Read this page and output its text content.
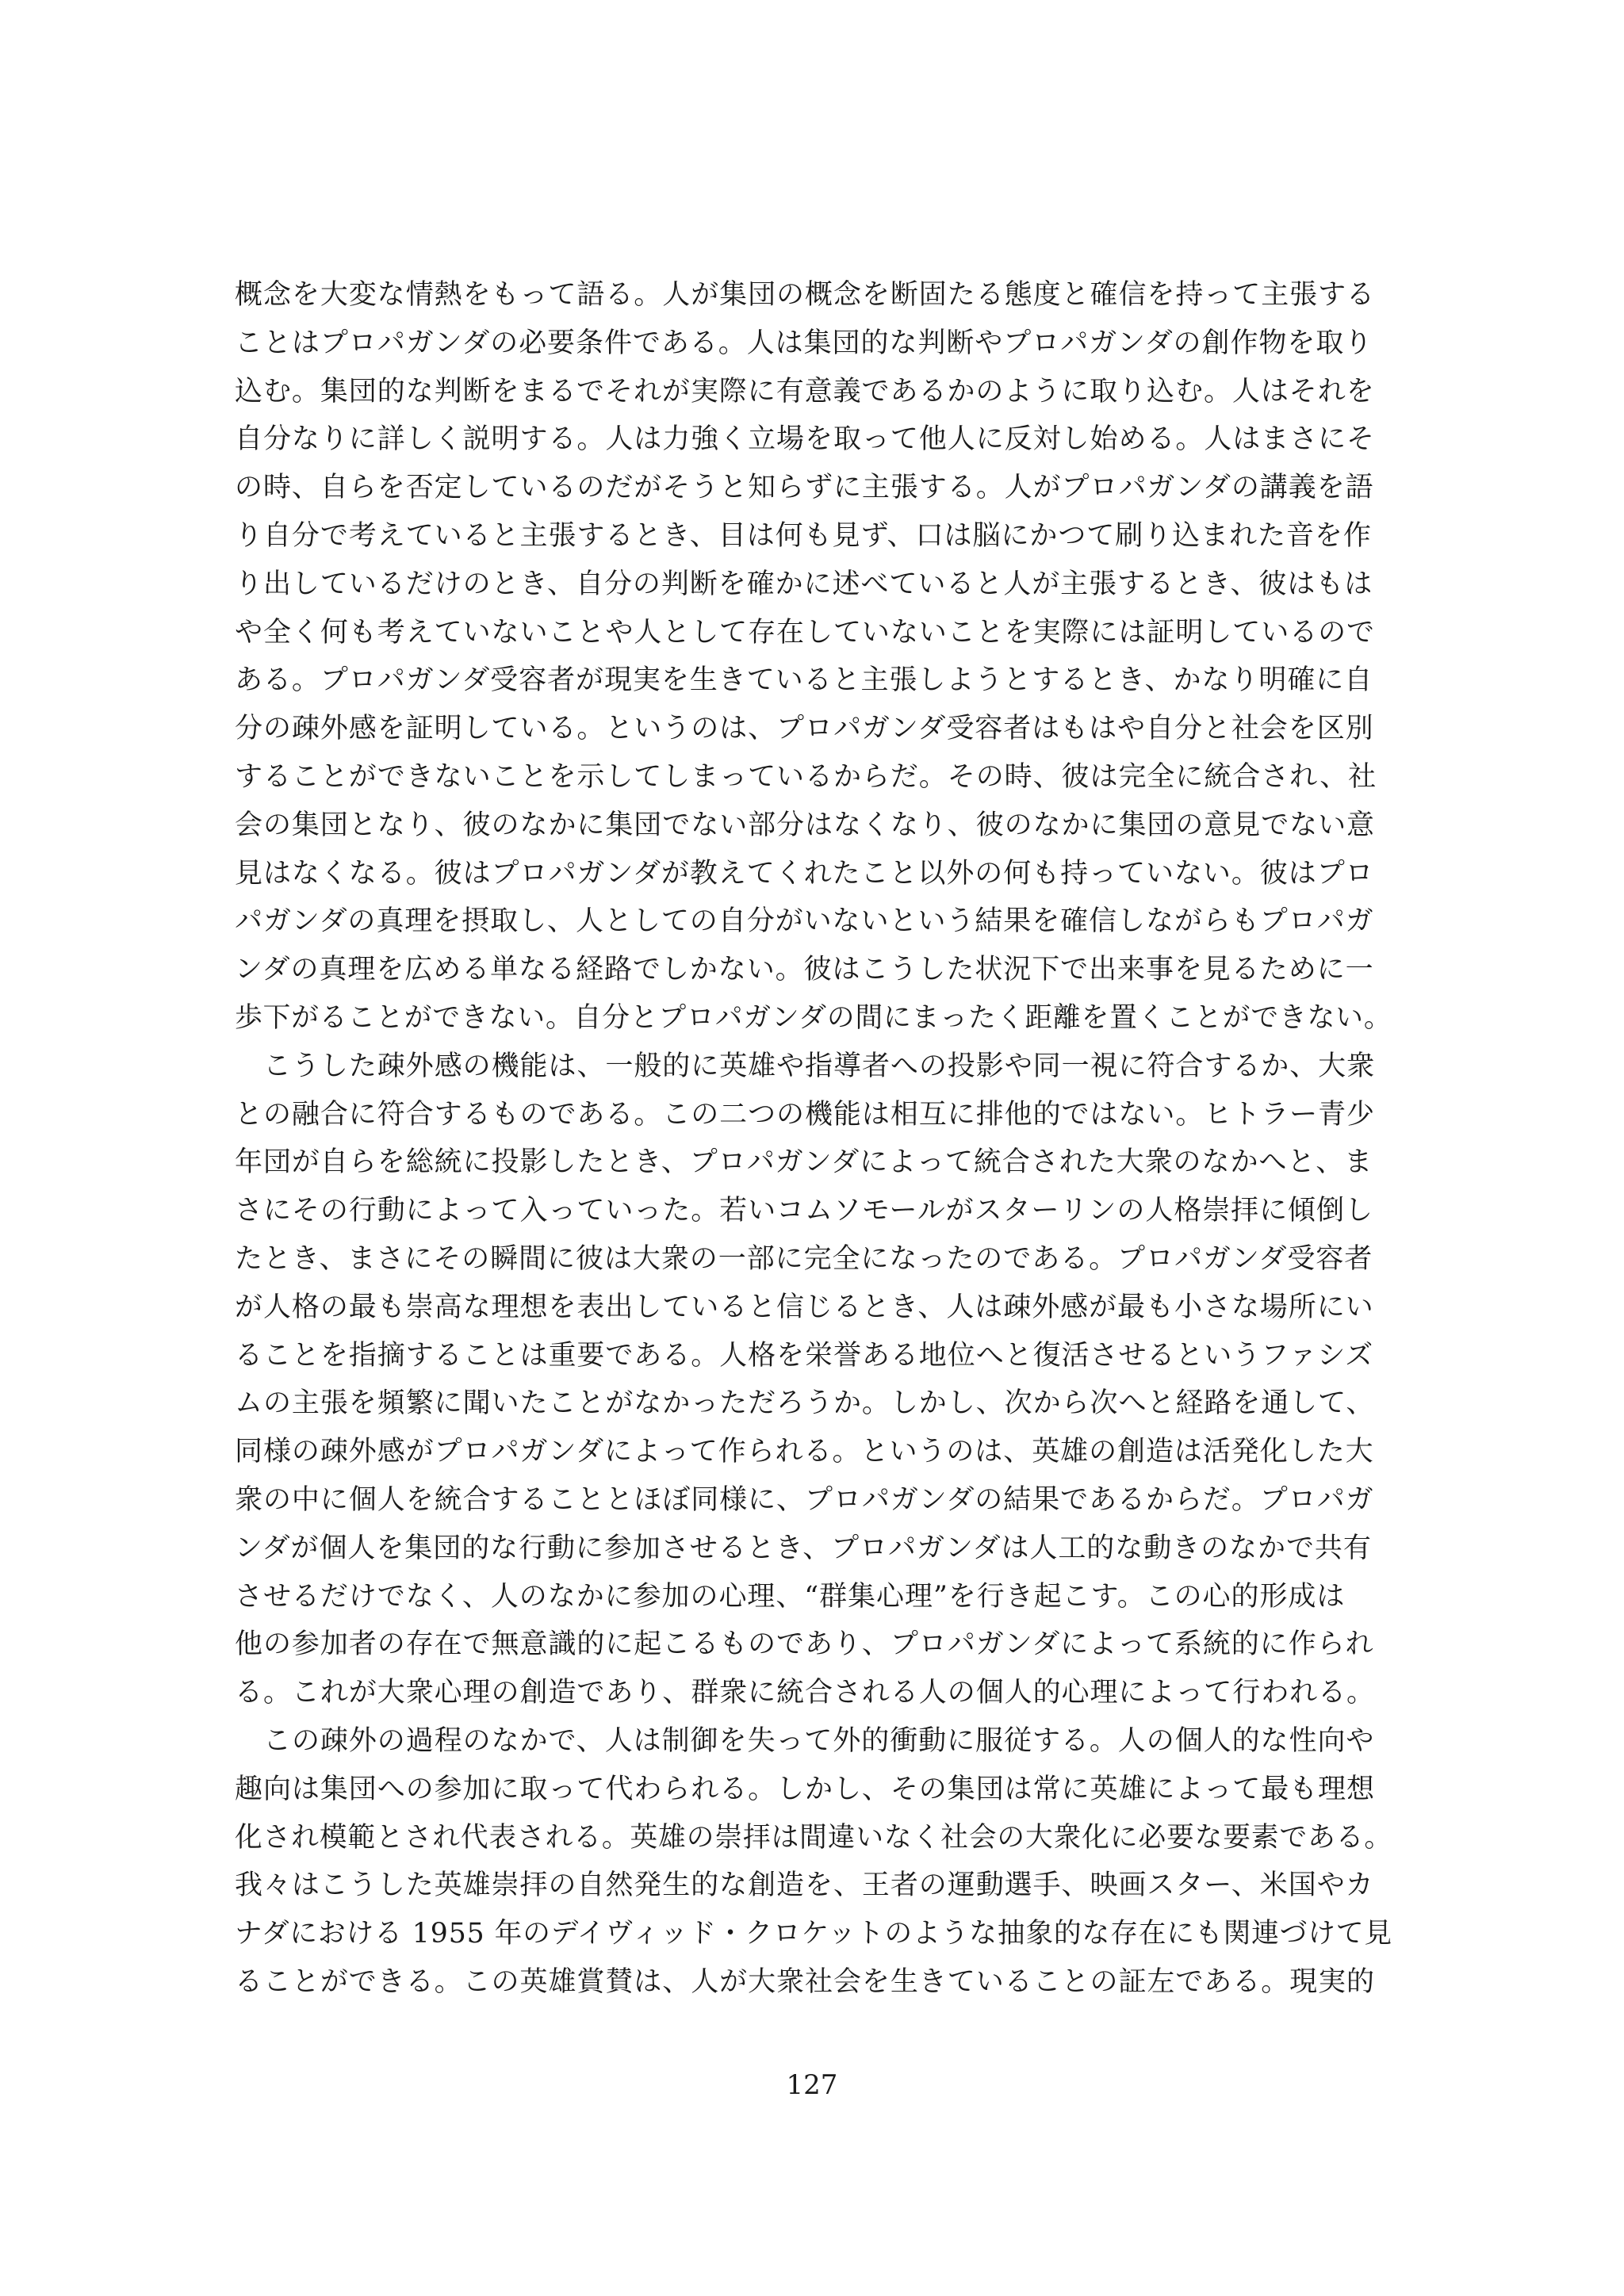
概念を大変な情熱をもって語る。人が集団の概念を断固たる態度と確信を持って主張する
ことはプロパガンダの必要条件である。人は集団的な判断やプロパガンダの創作物を取り
込む。集団的な判断をまるでそれが実際に有意義であるかのように取り込む。人はそれを
自分なりに詳しく説明する。人は力強く立場を取って他人に反対し始める。人はまさにそ
の時、自らを否定しているのだがそうと知らずに主張する。人がプロパガンダの講義を語
り自分で考えていると主張するとき、目は何も見ず、口は脳にかつて刷り込まれた音を作
り出しているだけのとき、自分の判断を確かに述べていると人が主張するとき、彼はもは
や全く何も考えていないことや人として存在していないことを実際には証明しているので
ある。プロパガンダ受容者が現実を生きていると主張しようとするとき、かなり明確に自
分の疎外感を証明している。というのは、プロパガンダ受容者はもはや自分と社会を区別
することができないことを示してしまっているからだ。その時、彼は完全に統合され、社
会の集団となり、彼のなかに集団でない部分はなくなり、彼のなかに集団の意見でない意
見はなくなる。彼はプロパガンダが教えてくれたこと以外の何も持っていない。彼はプロ
パガンダの真理を摂取し、人としての自分がいないという結果を確信しながらもプロパガ
ンダの真理を広める単なる経路でしかない。彼はこうした状況下で出来事を見るために一
歩下がることができない。自分とプロパガンダの間にまったく距離を置くことができない。
こうした疎外感の機能は、一般的に英雄や指導者への投影や同一視に符合するか、大衆
との融合に符合するものである。この二つの機能は相互に排他的ではない。ヒトラー青少
年団が自らを総統に投影したとき、プロパガンダによって統合された大衆のなかへと、ま
さにその行動によって入っていった。若いコムソモールがスターリンの人格崇拝に傾倒し
たとき、まさにその瞬間に彼は大衆の一部に完全になったのである。プロパガンダ受容者
が人格の最も崇高な理想を表出していると信じるとき、人は疎外感が最も小さな場所にい
ることを指摘することは重要である。人格を栄誉ある地位へと復活させるというファシズ
ムの主張を頻繁に聞いたことがなかっただろうか。しかし、次から次へと経路を通して、
同様の疎外感がプロパガンダによって作られる。というのは、英雄の創造は活発化した大
衆の中に個人を統合することとほぼ同様に、プロパガンダの結果であるからだ。プロパガ
ンダが個人を集団的な行動に参加させるとき、プロパガンダは人工的な動きのなかで共有
させるだけでなく、人のなかに参加の心理、“群集心理”を行き起こす。この心的形成は
他の参加者の存在で無意識的に起こるものであり、プロパガンダによって系統的に作られ
る。これが大衆心理の創造であり、群衆に統合される人の個人的心理によって行われる。
この疎外の過程のなかで、人は制御を失って外的衝動に服従する。人の個人的な性向や
趣向は集団への参加に取って代わられる。しかし、その集団は常に英雄によって最も理想
化され模範とされ代表される。英雄の崇拝は間違いなく社会の大衆化に必要な要素である。
我々はこうした英雄崇拝の自然発生的な創造を、王者の運動選手、映画スター、米国やカ
ナダにおける 1955 年のデイヴィッド・クロケットのような抽象的な存在にも関連づけて見
ることができる。この英雄賞賛は、人が大衆社会を生きていることの証左である。現実的
127
